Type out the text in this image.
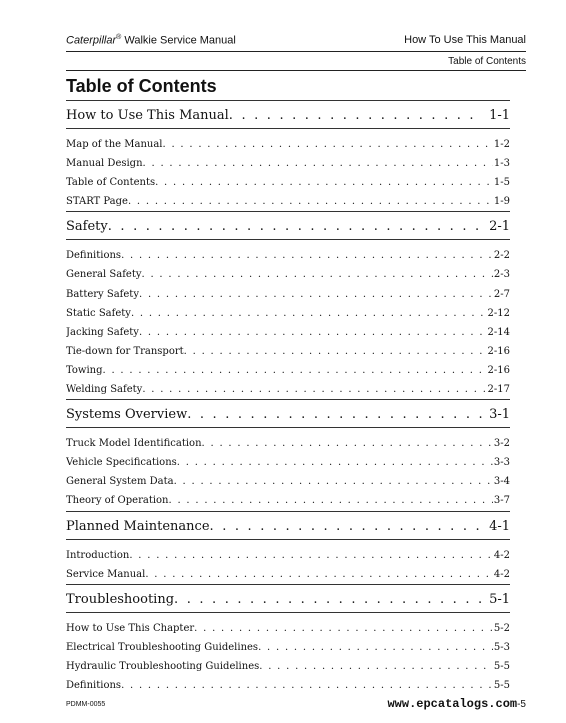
Caterpillar® Walkie Service Manual	How To Use This Manual
Table of Contents
Table of Contents
How to Use This Manual . . .	1-1
Map of the Manual . . .	1-2
Manual Design . . .	1-3
Table of Contents . . .	1-5
START Page . . .	1-9
Safety . . .	2-1
Definitions . . .	2-2
General Safety . . .	2-3
Battery Safety . . .	2-7
Static Safety . . .	2-12
Jacking Safety . . .	2-14
Tie-down for Transport . . .	2-16
Towing . . .	2-16
Welding Safety . . .	2-17
Systems Overview . . .	3-1
Truck Model Identification . . .	3-2
Vehicle Specifications . . .	3-3
General System Data . . .	3-4
Theory of Operation . . .	3-7
Planned Maintenance . . .	4-1
Introduction . . .	4-2
Service Manual . . .	4-2
Troubleshooting . . .	5-1
How to Use This Chapter . . .	5-2
Electrical Troubleshooting Guidelines . . .	5-3
Hydraulic Troubleshooting Guidelines . . .	5-5
Definitions . . .	5-5
PDMM-0055	www.epcatalogs.com-5
